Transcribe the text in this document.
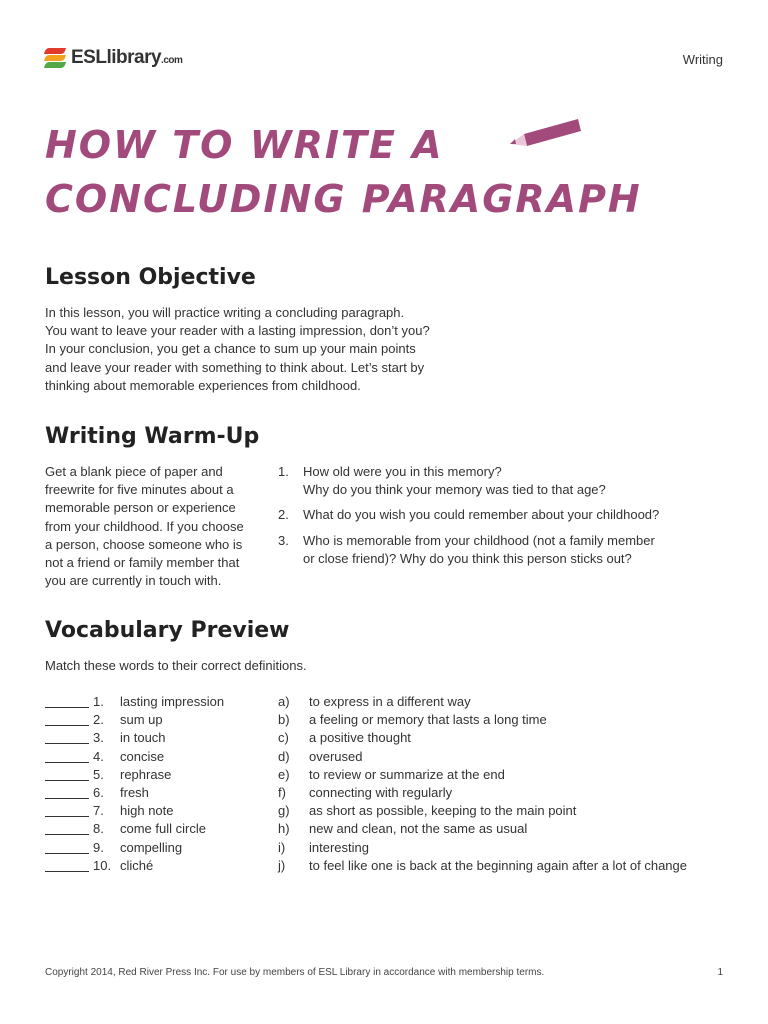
ESLlibrary.com	Writing
HOW TO WRITE A
CONCLUDING PARAGRAPH
Lesson Objective
In this lesson, you will practice writing a concluding paragraph.
You want to leave your reader with a lasting impression, don’t you?
In your conclusion, you get a chance to sum up your main points
and leave your reader with something to think about. Let’s start by
thinking about memorable experiences from childhood.
Writing Warm-Up
Get a blank piece of paper and
freewrite for five minutes about a
memorable person or experience
from your childhood. If you choose
a person, choose someone who is
not a friend or family member that
you are currently in touch with.
1.	How old were you in this memory?
Why do you think your memory was tied to that age?
2.	What do you wish you could remember about your childhood?
3.	Who is memorable from your childhood (not a family member
or close friend)? Why do you think this person sticks out?
Vocabulary Preview
Match these words to their correct definitions.
1.	lasting impression	a)	to express in a different way
2.	sum up	b)	a feeling or memory that lasts a long time
3.	in touch	c)	a positive thought
4.	concise	d)	overused
5.	rephrase	e)	to review or summarize at the end
6.	fresh	f)	connecting with regularly
7.	high note	g)	as short as possible, keeping to the main point
8.	come full circle	h)	new and clean, not the same as usual
9.	compelling	i)	interesting
10. cliché	j)	to feel like one is back at the beginning again after a lot of change
Copyright 2014, Red River Press Inc. For use by members of ESL Library in accordance with membership terms.	1
